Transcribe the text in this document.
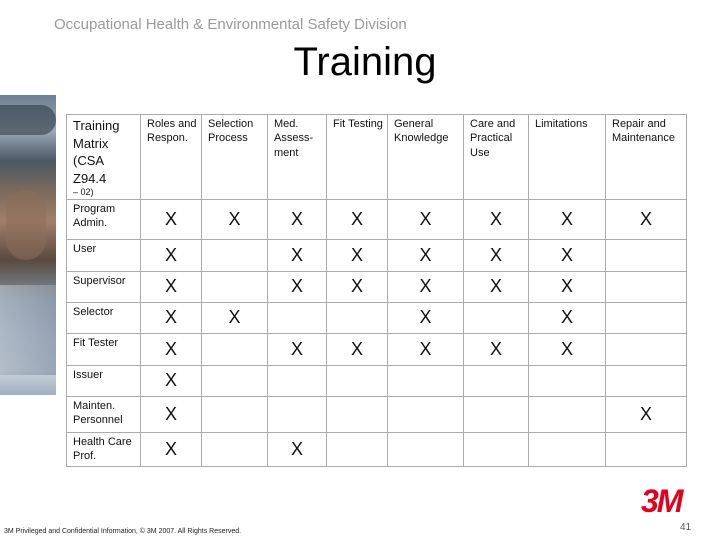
Occupational Health & Environmental Safety Division
Training
Training
Matrix
(CSA Z94.4
– 02)	Roles and Respon.	Selection Process	Med. Assess-ment	Fit Testing	General Knowledge	Care and Practical Use	Limitations	Repair and Maintenance
Program Admin.	X	X	X	X	X	X	X	X
User	X		X	X	X	X	X	
Supervisor	X		X	X	X	X	X	
Selector	X	X			X		X	
Fit Tester	X		X	X	X	X	X	
Issuer	X							
Mainten. Personnel	X							X
Health Care Prof.	X		X					
3M
41
3M Privileged and Confidential Information, © 3M 2007. All Rights Reserved.
